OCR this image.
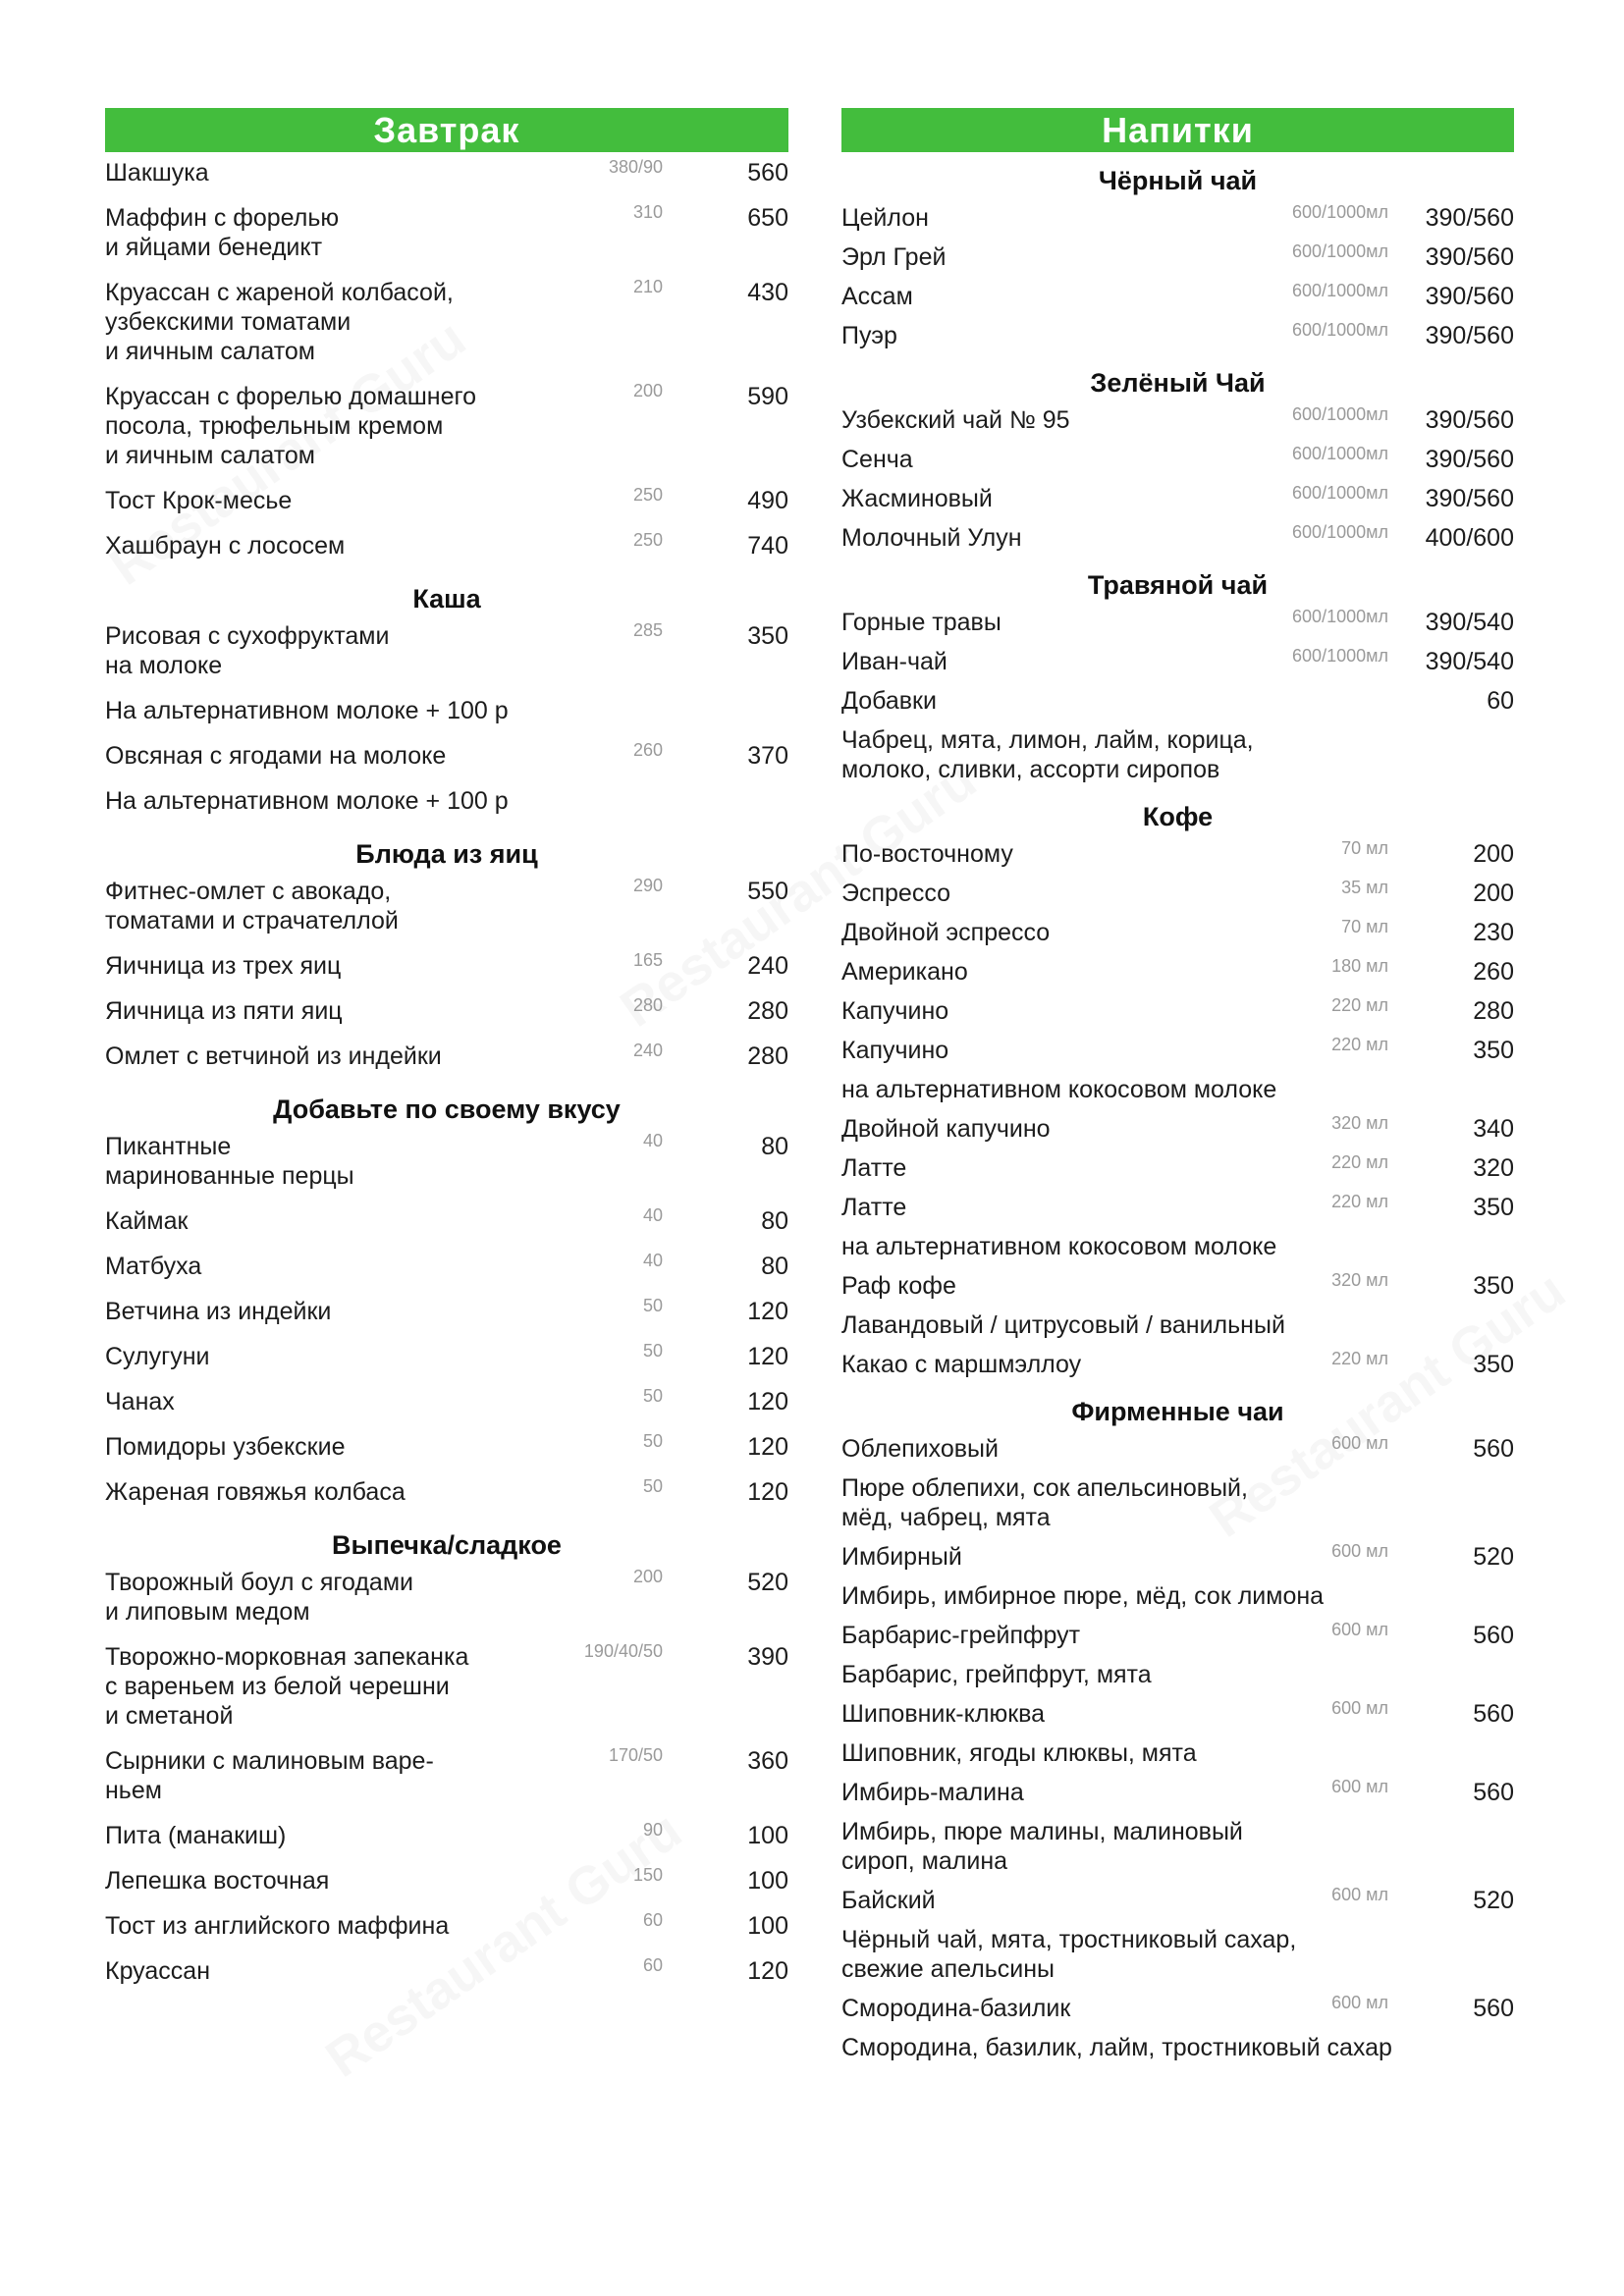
Завтрак
Шакшука	380/90	560
Маффин с форелью
и яйцами бенедикт
310	650
Круассан с жареной колбасой,
узбекскими томатами
и яичным салатом
210	430
Круассан с форелью домашнего
посола, трюфельным кремом
и яичным салатом
200	590
Тост Крок-месье	250	490
Хашбраун с лососем	250	740
Каша
Рисовая с сухофруктами
на молоке
285	350
На альтернативном молоке + 100 р
Овсяная с ягодами на молоке	260	370
На альтернативном молоке + 100 р
Блюда из яиц
Фитнес-омлет с авокадо,
томатами и страчателлой
290	550
Яичница из трех яиц	165	240
Яичница из пяти яиц	280	280
Омлет с ветчиной из индейки	240	280
Добавьте по своему вкусу
Пикантные
маринованные перцы
40	80
Каймак	40	80
Матбуха	40	80
Ветчина из индейки	50	120
Сулугуни	50	120
Чанах	50	120
Помидоры узбекские	50	120
Жареная говяжья колбаса	50	120
Выпечка/сладкое
Творожный боул с ягодами
и липовым медом
200	520
Творожно-морковная запеканка
с вареньем из белой черешни
и сметаной
190/40/50	390
Сырники с малиновым варе-
ньем
170/50	360
Пита (манакиш)	90	100
Лепешка восточная	150	100
Тост из английского маффина	60	100
Круассан	60	120
Напитки
Чёрный чай
Цейлон	600/1000мл	390/560
Эрл Грей	600/1000мл	390/560
Ассам	600/1000мл	390/560
Пуэр	600/1000мл	390/560
Зелёный Чай
Узбекский чай № 95	600/1000мл	390/560
Сенча	600/1000мл	390/560
Жасминовый	600/1000мл	390/560
Молочный Улун	600/1000мл	400/600
Травяной чай
Горные травы	600/1000мл	390/540
Иван-чай	600/1000мл	390/540
Добавки	60
Чабрец, мята, лимон, лайм, корица,
молоко, сливки, ассорти сиропов
Кофе
По-восточному	70 мл	200
Эспрессо	35 мл	200
Двойной эспрессо	70 мл	230
Американо	180 мл	260
Капучино	220 мл	280
Капучино	220 мл	350
на альтернативном кокосовом молоке
Двойной капучино	320 мл	340
Латте	220 мл	320
Латте	220 мл	350
на альтернативном кокосовом молоке
Раф кофе	320 мл	350
Лавандовый / цитрусовый / ванильный
Какао с маршмэллоу	220 мл	350
Фирменные чаи
Облепиховый	600 мл	560
Пюре облепихи, сок апельсиновый,
мёд, чабрец, мята
Имбирный	600 мл	520
Имбирь, имбирное пюре, мёд, сок лимона
Барбарис-грейпфрут	600 мл	560
Барбарис, грейпфрут, мята
Шиповник-клюква	600 мл	560
Шиповник, ягоды клюквы, мята
Имбирь-малина	600 мл	560
Имбирь, пюре малины, малиновый
сироп, малина
Байский	600 мл	520
Чёрный чай, мята, тростниковый сахар,
свежие апельсины
Смородина-базилик	600 мл	560
Смородина, базилик, лайм, тростниковый сахар
